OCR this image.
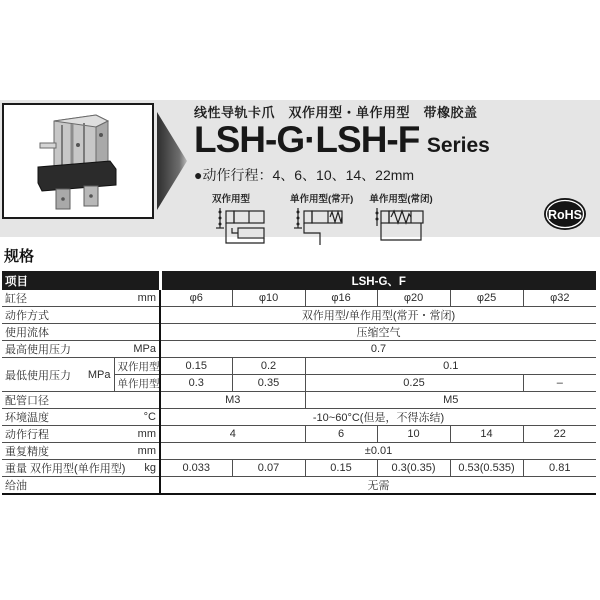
线性导轨卡爪　双作用型・单作用型　带橡胶盖
LSH-G·LSH-F Series
●动作行程：4、6、10、14、22mm
双作用型	单作用型(常开) 单作用型(常闭)
RoHS
规格
项目		LSH-G、F					

缸径 mm		φ6	φ10	φ16	φ20	φ25	φ32
动作方式		双作用型/单作用型(常开・常闭)					
使用流体		压缩空气					

最高使用压力 MPa		0.7					

最低使用压力 MPa	双作用型	0.15	0.2	0.1			
	单作用型	0.3	0.35	0.25			–
配管口径		M3		M5			

环境温度 °C		-10~60°C(但是，不得冻结)					

动作行程 mm		4		6	10	14	22

重复精度 mm		±0.01					

重量 双作用型(单作用型) kg		0.033	0.07	0.15	0.3(0.35)	0.53(0.535)	0.81
给油		无需					
